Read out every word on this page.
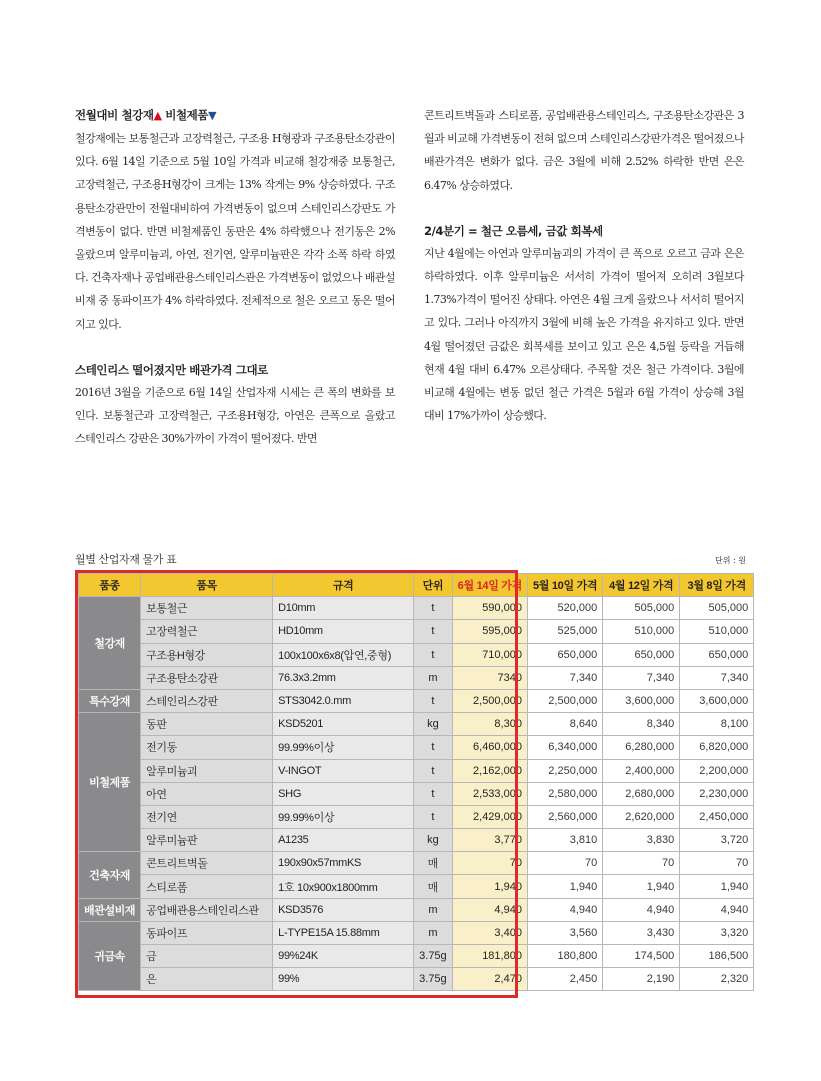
전월대비 철강재▲ 비철제품▼

철강재에는 보통철근과 고장력철근, 구조용 H형광과 구조용탄소강관이 있다. 6월 14일 기준으로 5월 10일 가격과 비교해 철강재중 보통철근, 고장력철근, 구조용H형강이 크게는 13% 작게는 9% 상승하였다. 구조용탄소강관만이 전월대비하여 가격변동이 없으며 스테인리스강판도 가격변동이 없다. 반면 비철제품인 동판은 4% 하락했으나 전기동은 2% 올랐으며 알루미늄괴, 아연, 전기연, 알루미늄판은 각각 소폭 하락 하였다. 건축자재나 공업배관용스테인리스관은 가격변동이 없었으나 배관설비재 중 동파이프가 4% 하락하였다. 전체적으로 철은 오르고 동은 떨어지고 있다.

스테인리스 떨어졌지만 배관가격 그대로

2016년 3월을 기준으로 6월 14일 산업자재 시세는 큰 폭의 변화를 보인다. 보통철근과 고장력철근, 구조용H형강, 아연은 큰폭으로 올랐고 스테인리스 강판은 30%가까이 가격이 떨어졌다. 반면

콘트리트벽돌과 스티로폼, 공업배관용스테인리스, 구조용탄소강관은 3월과 비교해 가격변동이 전혀 없으며 스테인리스강판가격은 떨어졌으나 배관가격은 변화가 없다. 금은 3월에 비해 2.52% 하락한 반면 은은 6.47% 상승하였다.

2/4분기 = 철근 오름세, 금값 회복세

지난 4월에는 아연과 알루미늄괴의 가격이 큰 폭으로 오르고 금과 은은 하락하였다. 이후 알루미늄은 서서히 가격이 떨어져 오히려 3월보다 1.73%가격이 떨어진 상태다. 아연은 4월 크게 올랐으나 서서히 떨어지고 있다. 그러나 아직까지 3월에 비해 높은 가격을 유지하고 있다. 반면 4월 떨어졌던 금값은 회복세를 보이고 있고 은은 4,5월 등락을 거듭해 현재 4월 대비 6.47% 오른상태다. 주목할 것은 철근 가격이다. 3월에 비교해 4월에는 변동 없던 철근 가격은 5월과 6월 가격이 상승해 3월 대비 17%가까이 상승했다.

월별 산업자재 물가 표	단위 : 원
품종	품목	규격	단위	6월 14일 가격	5월 10일 가격	4월 12일 가격	3월 8일 가격
철강재	보통철근	D10mm	t	590,000	520,000	505,000	505,000
	고장력철근	HD10mm	t	595,000	525,000	510,000	510,000
	구조용H형강	100x100x6x8(압연,중형)	t	710,000	650,000	650,000	650,000
	구조용탄소강관	76.3x3.2mm	m	7340	7,340	7,340	7,340
특수강재	스테인리스강판	STS3042.0.mm	t	2,500,000	2,500,000	3,600,000	3,600,000
비철제품	동판	KSD5201	kg	8,300	8,640	8,340	8,100
	전기동	99.99%이상	t	6,460,000	6,340,000	6,280,000	6,820,000
	알루미늄괴	V-INGOT	t	2,162,000	2,250,000	2,400,000	2,200,000
	아연	SHG	t	2,533,000	2,580,000	2,680,000	2,230,000
	전기연	99.99%이상	t	2,429,000	2,560,000	2,620,000	2,450,000
	알루미늄판	A1235	kg	3,770	3,810	3,830	3,720
건축자재	콘트리트벽돌	190x90x57mmKS	매	70	70	70	70
	스티로폼	1호 10x900x1800mm	매	1,940	1,940	1,940	1,940
배관설비재	공업배관용스테인리스관	KSD3576	m	4,940	4,940	4,940	4,940
귀금속	동파이프	L-TYPE15A 15.88mm	m	3,400	3,560	3,430	3,320
	금	99%24K	3.75g	181,800	180,800	174,500	186,500
	은	99%	3.75g	2,470	2,450	2,190	2,320
